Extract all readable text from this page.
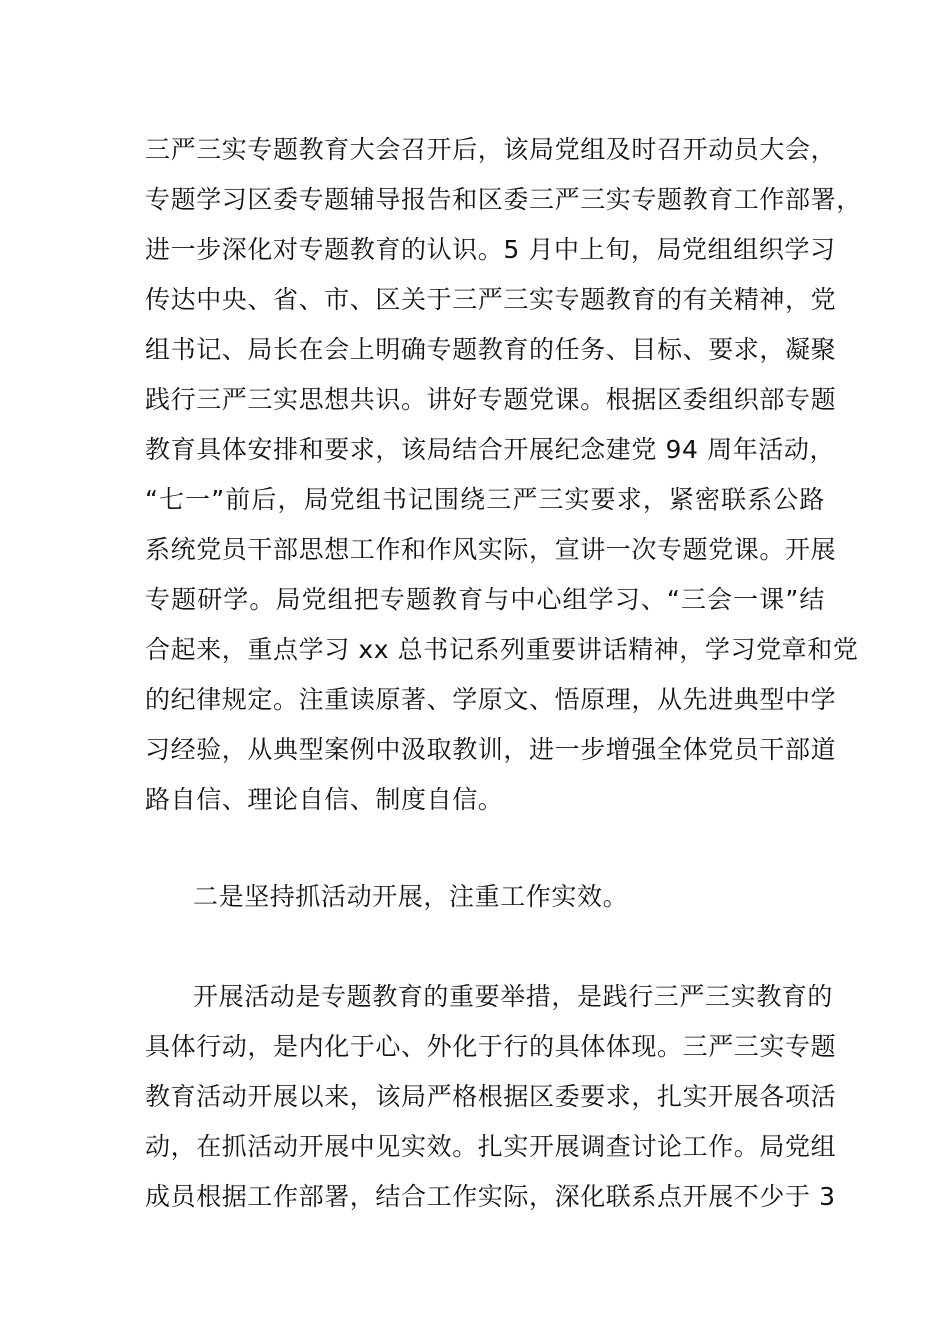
三严三实专题教育大会召开后，该局党组及时召开动员大会，
专题学习区委专题辅导报告和区委三严三实专题教育工作部署，
进一步深化对专题教育的认识。5 月中上旬，局党组组织学习
传达中央、省、市、区关于三严三实专题教育的有关精神，党
组书记、局长在会上明确专题教育的任务、目标、要求，凝聚
践行三严三实思想共识。讲好专题党课。根据区委组织部专题
教育具体安排和要求，该局结合开展纪念建党 94 周年活动，
“七一”前后，局党组书记围绕三严三实要求，紧密联系公路
系统党员干部思想工作和作风实际，宣讲一次专题党课。开展
专题研学。局党组把专题教育与中心组学习、“三会一课”结
合起来，重点学习 xx 总书记系列重要讲话精神，学习党章和党
的纪律规定。注重读原著、学原文、悟原理，从先进典型中学
习经验，从典型案例中汲取教训，进一步增强全体党员干部道
路自信、理论自信、制度自信。
二是坚持抓活动开展，注重工作实效。
开展活动是专题教育的重要举措，是践行三严三实教育的
具体行动，是内化于心、外化于行的具体体现。三严三实专题
教育活动开展以来，该局严格根据区委要求，扎实开展各项活
动，在抓活动开展中见实效。扎实开展调查讨论工作。局党组
成员根据工作部署，结合工作实际，深化联系点开展不少于 3
